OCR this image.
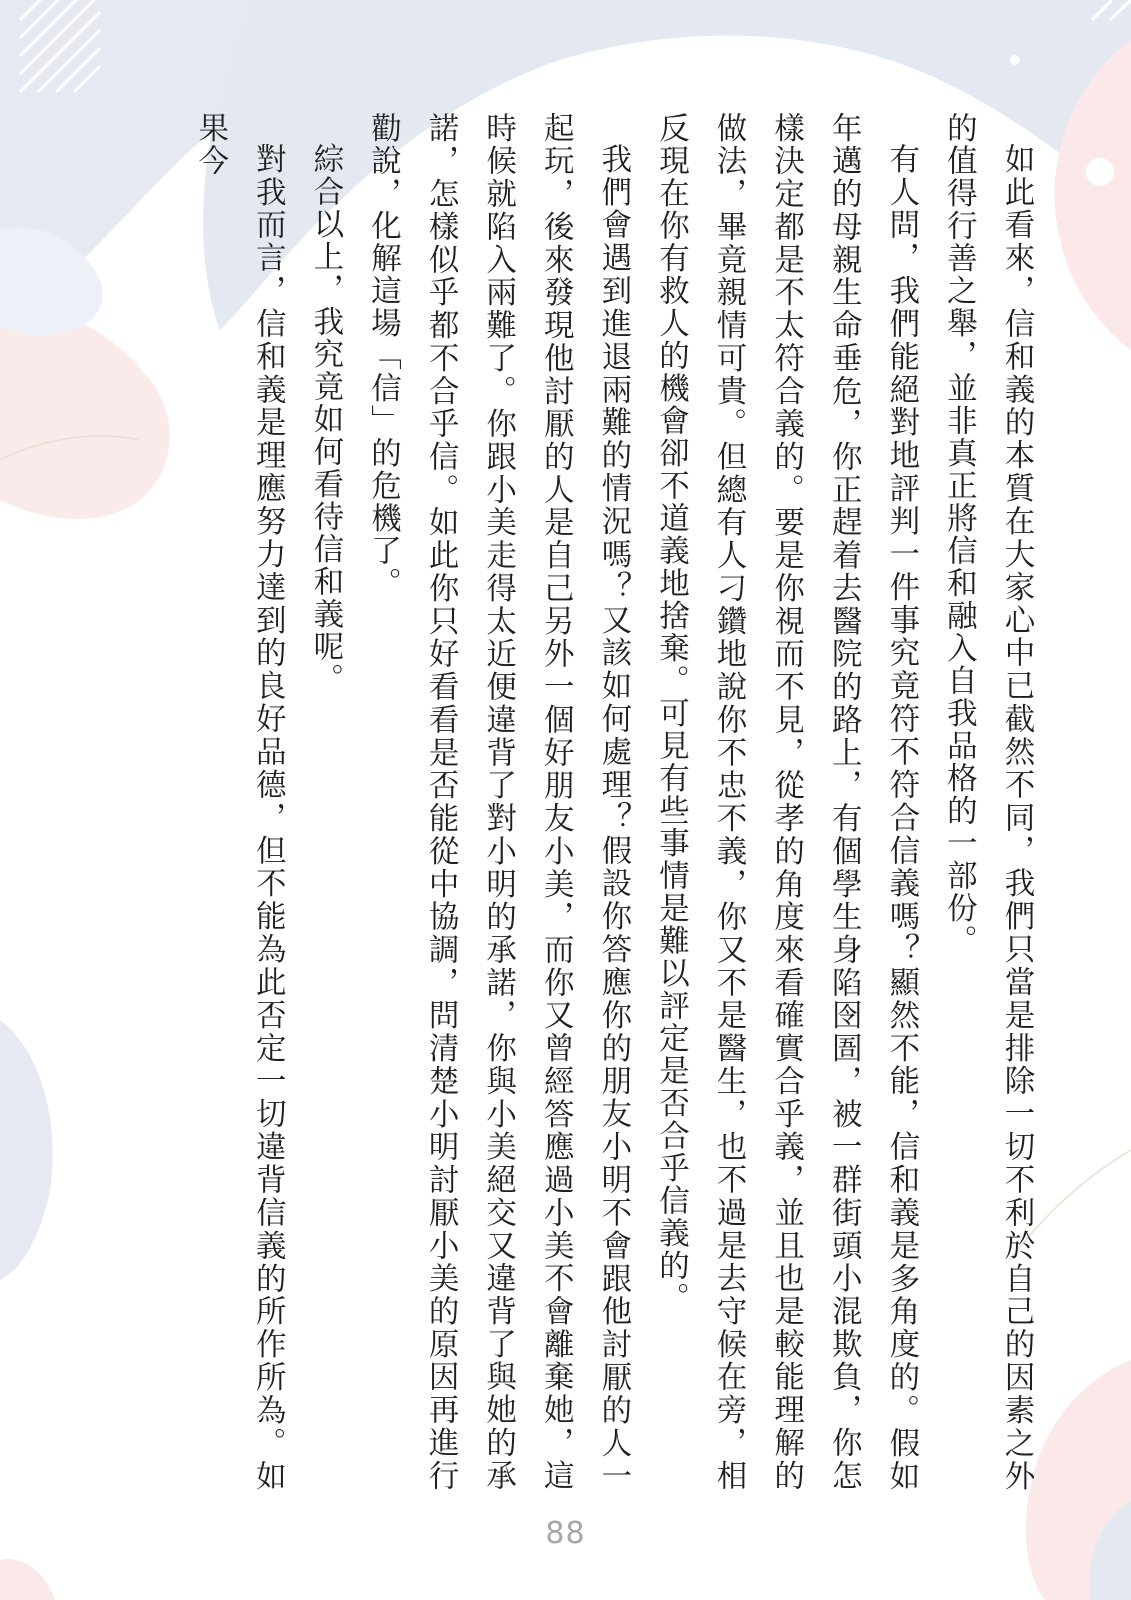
如此看來，信和義的本質在大家心中已截然不同，我們只當是排除一切不利於自己的因素之外的值得行善之舉，並非真正將信和融入自我品格的一部份。

有人問，我們能絕對地評判一件事究竟符不符合信義嗎？顯然不能，信和義是多角度的。假如年邁的母親生命垂危，你正趕着去醫院的路上，有個學生身陷囹圄，被一群街頭小混欺負，你怎樣決定都是不太符合義的。要是你視而不見，從孝的角度來看確實合乎義，並且也是較能理解的做法，畢竟親情可貴。但總有人刁鑽地說你不忠不義，你又不是醫生，也不過是去守候在旁，相反現在你有救人的機會卻不道義地捨棄。可見有些事情是難以評定是否合乎信義的。

我們會遇到進退兩難的情況嗎？又該如何處理？假設你答應你的朋友小明不會跟他討厭的人一起玩，後來發現他討厭的人是自己另外一個好朋友小美，而你又曾經答應過小美不會離棄她，這時候就陷入兩難了。你跟小美走得太近便違背了對小明的承諾，你與小美絕交又違背了與她的承諾，怎樣似乎都不合乎信。如此你只好看看是否能從中協調，問清楚小明討厭小美的原因再進行勸說，化解這場「信」的危機了。

綜合以上，我究竟如何看待信和義呢。

對我而言，信和義是理應努力達到的良好品德，但不能為此否定一切違背信義的所作所為。如果今

88
